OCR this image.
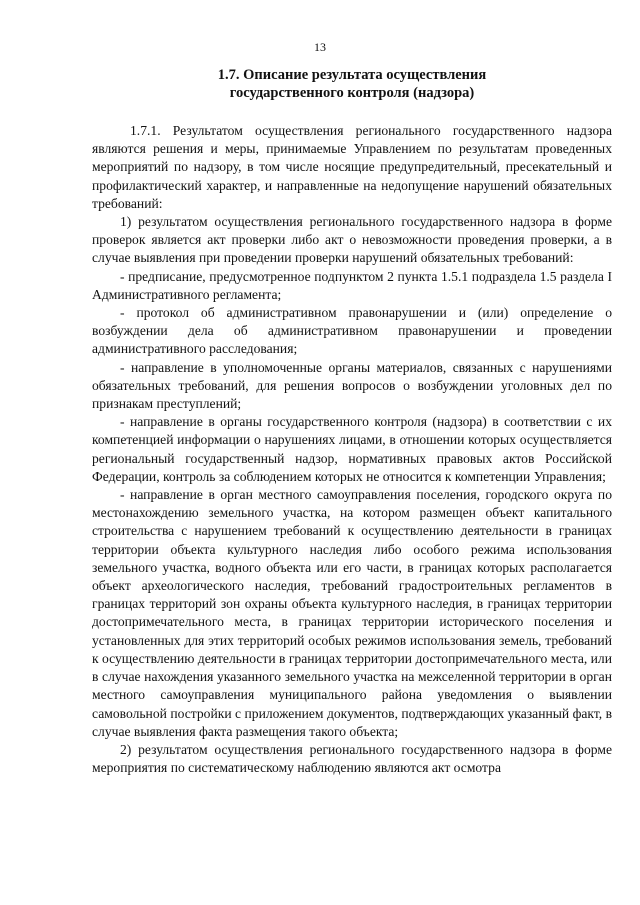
13
1.7. Описание результата осуществления
государственного контроля (надзора)

1.7.1. Результатом осуществления регионального государственного надзора являются решения и меры, принимаемые Управлением по результатам проведенных мероприятий по надзору, в том числе носящие предупредительный, пресекательный и профилактический характер, и направленные на недопущение нарушений обязательных требований:

1) результатом осуществления регионального государственного надзора в форме проверок является акт проверки либо акт о невозможности проведения проверки, а в случае выявления при проведении проверки нарушений обязательных требований:

- предписание, предусмотренное подпунктом 2 пункта 1.5.1 подраздела 1.5 раздела I Административного регламента;

- протокол об административном правонарушении и (или) определение о возбуждении дела об административном правонарушении и проведении административного расследования;

- направление в уполномоченные органы материалов, связанных с нарушениями обязательных требований, для решения вопросов о возбуждении уголовных дел по признакам преступлений;

- направление в органы государственного контроля (надзора) в соответствии с их компетенцией информации о нарушениях лицами, в отношении которых осуществляется региональный государственный надзор, нормативных правовых актов Российской Федерации, контроль за соблюдением которых не относится к компетенции Управления;

- направление в орган местного самоуправления поселения, городского округа по местонахождению земельного участка, на котором размещен объект капитального строительства с нарушением требований к осуществлению деятельности в границах территории объекта культурного наследия либо особого режима использования земельного участка, водного объекта или его части, в границах которых располагается объект археологического наследия, требований градостроительных регламентов в границах территорий зон охраны объекта культурного наследия, в границах территории достопримечательного места, в границах территории исторического поселения и установленных для этих территорий особых режимов использования земель, требований к осуществлению деятельности в границах территории достопримечательного места, или в случае нахождения указанного земельного участка на межселенной территории в орган местного самоуправления муниципального района уведомления о выявлении самовольной постройки с приложением документов, подтверждающих указанный факт, в случае выявления факта размещения такого объекта;

2) результатом осуществления регионального государственного надзора в форме мероприятия по систематическому наблюдению являются акт осмотра
